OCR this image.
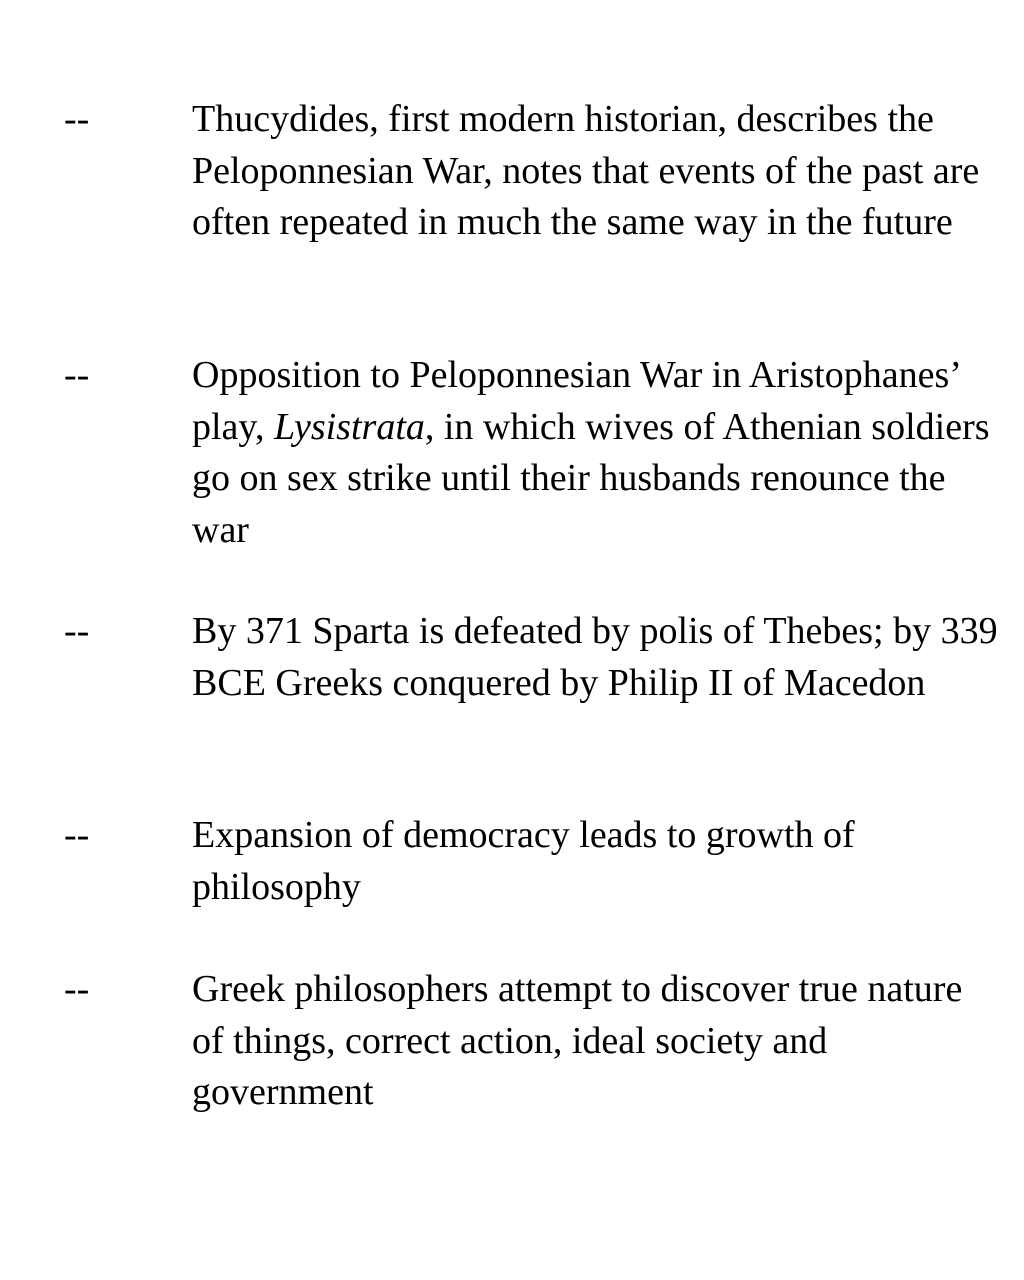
--	Thucydides, first modern historian, describes the Peloponnesian War, notes that events of the past are often repeated in much the same way in the future
--	Opposition to Peloponnesian War in Aristophanes’ play, Lysistrata, in which wives of Athenian soldiers go on sex strike until their husbands renounce the war
--	By 371 Sparta is defeated by polis of Thebes; by 339 BCE Greeks conquered by Philip II of Macedon
--	Expansion of democracy leads to growth of philosophy
--	Greek philosophers attempt to discover true nature of things, correct action, ideal society and government
